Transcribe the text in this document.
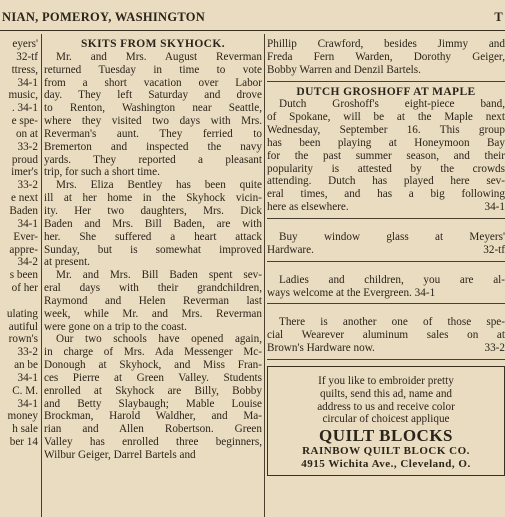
NIAN, POMEROY, WASHINGTON	T
eyers'
32-tf
ttress,
34-1
music,
. 34-1
e spe-
on at
33-2
proud
imer's
33-2
e next
Baden
34-1
Ever-
appre-
34-2
s been
of her

ulating
autiful
rown's
33-2
an be
34-1
C. M.
34-1
money
h sale
ber 14
SKITS FROM SKYHOCK.
Mr. and Mrs. August Reverman
returned Tuesday in time to vote
from a short vacation over Labor
day. They left Saturday and drove
to Renton, Washington near Seattle,
where they visited two days with Mrs.
Reverman's aunt. They ferried to
Bremerton and inspected the navy
yards. They reported a pleasant
trip, for such a short time.
Mrs. Eliza Bentley has been quite
ill at her home in the Skyhock vicin-
ity. Her two daughters, Mrs. Dick
Baden and Mrs. Bill Baden, are with
her. She suffered a heart attack
Sunday, but is somewhat improved
at present.
Mr. and Mrs. Bill Baden spent sev-
eral days with their grandchildren,
Raymond and Helen Reverman last
week, while Mr. and Mrs. Reverman
were gone on a trip to the coast.
Our two schools have opened again,
in charge of Mrs. Ada Messenger Mc-
Donough at Skyhock, and Miss Fran-
ces Pierre at Green Valley. Students
enrolled at Skyhock are Billy, Bobby
and Betty Slaybaugh; Mable Louise
Brockman, Harold Waldher, and Ma-
rian and Allen Robertson. Green
Valley has enrolled three beginners,
Wilbur Geiger, Darrel Bartels and
Phillip Crawford, besides Jimmy and
Freda Fern Warden, Dorothy Geiger,
Bobby Warren and Denzil Bartels.
DUTCH GROSHOFF AT MAPLE
Dutch Groshoff's eight-piece band,
of Spokane, will be at the Maple next
Wednesday, September 16. This group
has been playing at Honeymoon Bay
for the past summer season, and their
popularity is attested by the crowds
attending. Dutch has played here sev-
eral times, and has a big following
here as elsewhere.	34-1
Buy window glass at Meyers'
Hardware.	32-tf
Ladies and children, you are al-
ways welcome at the Evergreen. 34-1
There is another one of those spe-
cial Wearever aluminum sales on at
Brown's Hardware now.	33-2
If you like to embroider pretty
quilts, send this ad, name and
address to us and receive color
circular of choicest applique
QUILT BLOCKS
RAINBOW QUILT BLOCK CO.
4915 Wichita Ave., Cleveland, O.
